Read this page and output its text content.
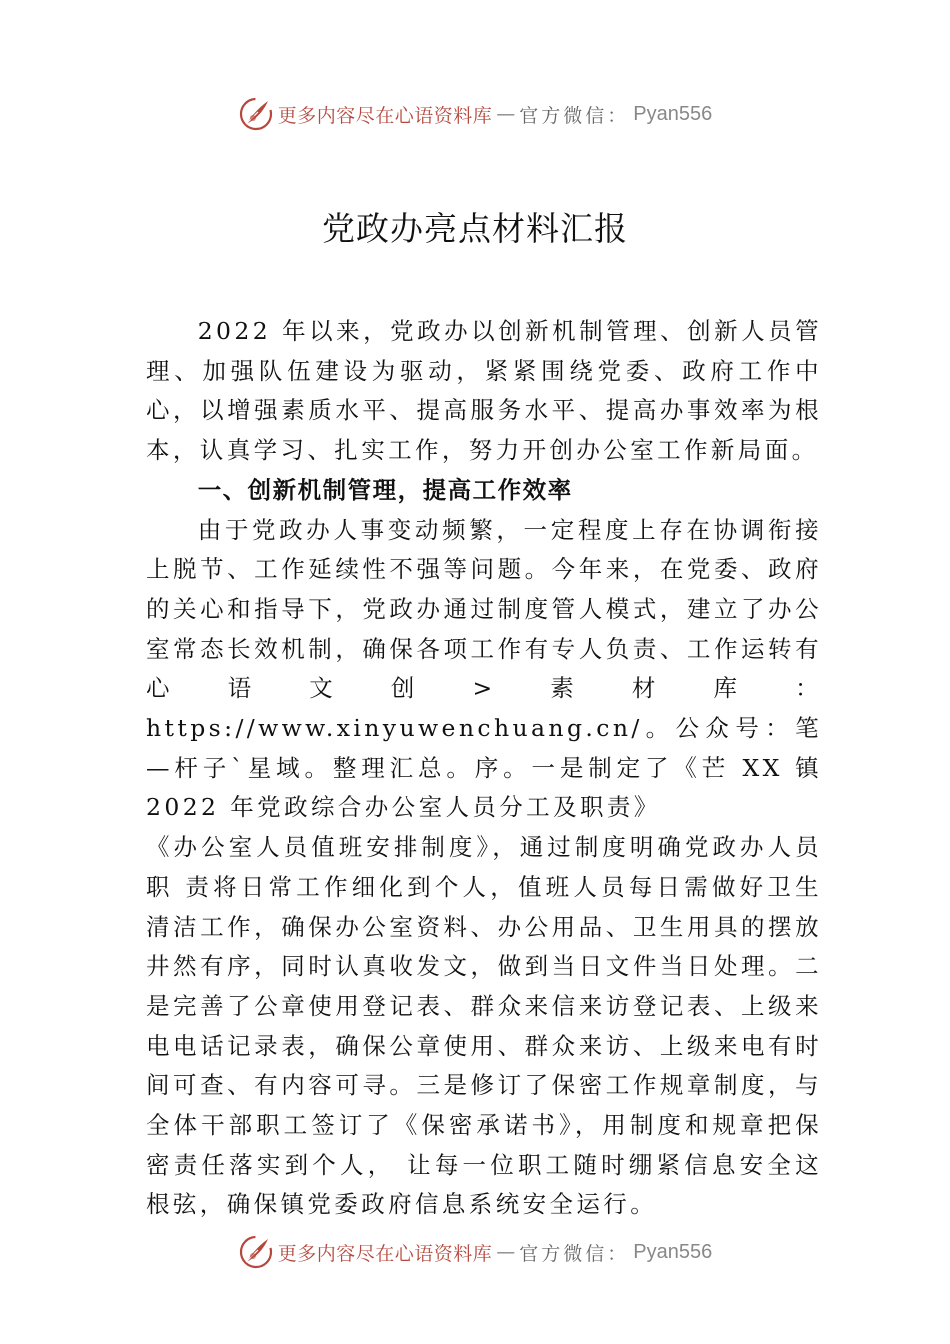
更多内容尽在心语资料库 — 官方微信： Pyan556
党政办亮点材料汇报

2022 年以来，党政办以创新机制管理、创新人员管理、加强队伍建设为驱动，紧紧围绕党委、政府工作中心，以增强素质水平、提高服务水平、提高办事效率为根本，认真学习、扎实工作，努力开创办公室工作新局面。

一、创新机制管理，提高工作效率

由于党政办人事变动频繁，一定程度上存在协调衔接上脱节、工作延续性不强等问题。今年来，在党委、政府的关心和指导下，党政办通过制度管人模式，建立了办公室常态长效机制，确保各项工作有专人负责、工作运转有心语文创>素材库：https://www.xinyuwenchuang.cn/。公众号：笔—杆子`星域。整理汇总。序。一是制定了《芒 XX 镇 2022 年党政综合办公室人员分工及职责》

《办公室人员值班安排制度》，通过制度明确党政办人员职 责将日常工作细化到个人，值班人员每日需做好卫生清洁工作，确保办公室资料、办公用品、卫生用具的摆放井然有序，同时认真收发文，做到当日文件当日处理。二是完善了公章使用登记表、群众来信来访登记表、上级来电电话记录表，确保公章使用、群众来访、上级来电有时间可查、有内容可寻。三是修订了保密工作规章制度，与全体干部职工签订了《保密承诺书》，用制度和规章把保密责任落实到个人， 让每一位职工随时绷紧信息安全这根弦，确保镇党委政府信息系统安全运行。

更多内容尽在心语资料库 — 官方微信： Pyan556
